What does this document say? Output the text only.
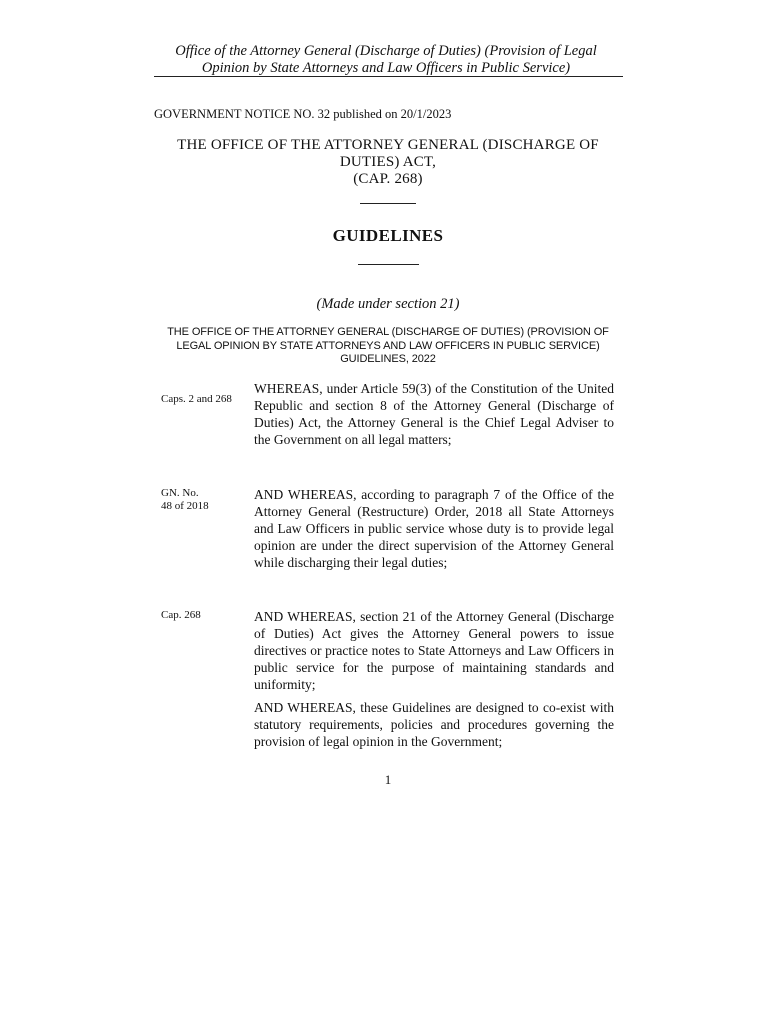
Office of the Attorney General (Discharge of Duties) (Provision of Legal Opinion by State Attorneys and Law Officers in Public Service)
GOVERNMENT NOTICE NO. 32 published on 20/1/2023
THE OFFICE OF THE ATTORNEY GENERAL (DISCHARGE OF
DUTIES) ACT,
(CAP. 268)
GUIDELINES
(Made under section 21)
THE OFFICE OF THE ATTORNEY GENERAL (DISCHARGE OF DUTIES) (PROVISION OF LEGAL OPINION BY STATE ATTORNEYS AND LAW OFFICERS IN PUBLIC SERVICE) GUIDELINES, 2022
Caps. 2 and 268
WHEREAS, under Article 59(3) of the Constitution of the United Republic and section 8 of the Attorney General (Discharge of Duties) Act, the Attorney General is the Chief Legal Adviser to the Government on all legal matters;
GN. No.
48 of 2018
AND WHEREAS, according to paragraph 7 of the Office of the Attorney General (Restructure) Order, 2018 all State Attorneys and Law Officers in public service whose duty is to provide legal opinion are under the direct supervision of the Attorney General while discharging their legal duties;
Cap. 268	AND WHEREAS, section 21 of the Attorney General (Discharge of Duties) Act gives the Attorney General powers to issue directives or practice notes to State Attorneys and Law Officers in public service for the purpose of maintaining standards and uniformity;
AND WHEREAS, these Guidelines are designed to co-exist with statutory requirements, policies and procedures governing the provision of legal opinion in the Government;
1
